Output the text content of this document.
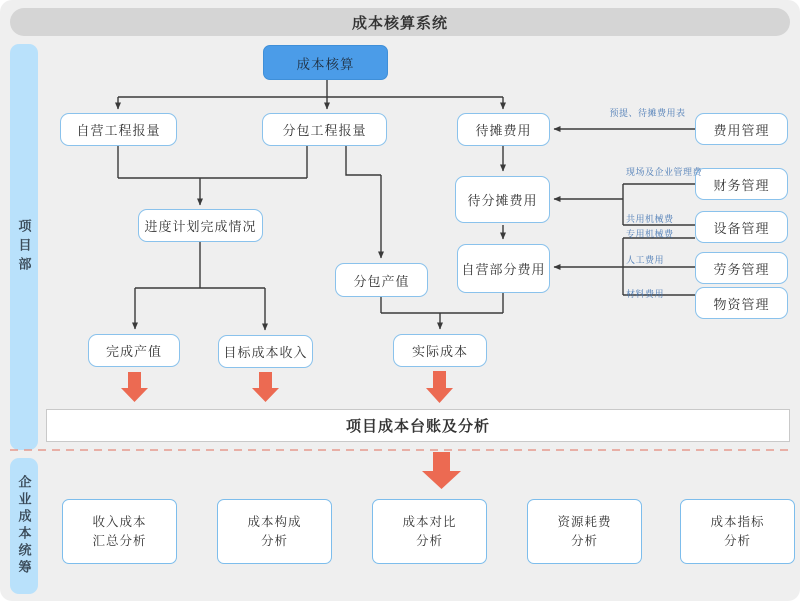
成本核算系统
项目部
企业成本统筹
成本核算
自营工程报量	分包工程报量	待摊费用
进度计划完成情况
待分摊费用
自营部分费用
分包产值
完成产值	目标成本收入	实际成本
费用管理
财务管理
设备管理
劳务管理
物资管理
预提、待摊费用表
现场及企业管理费
共用机械费
专用机械费
人工费用
材料费用
项目成本台账及分析
收入成本
汇总分析
成本构成
分析
成本对比
分析
资源耗费
分析
成本指标
分析
